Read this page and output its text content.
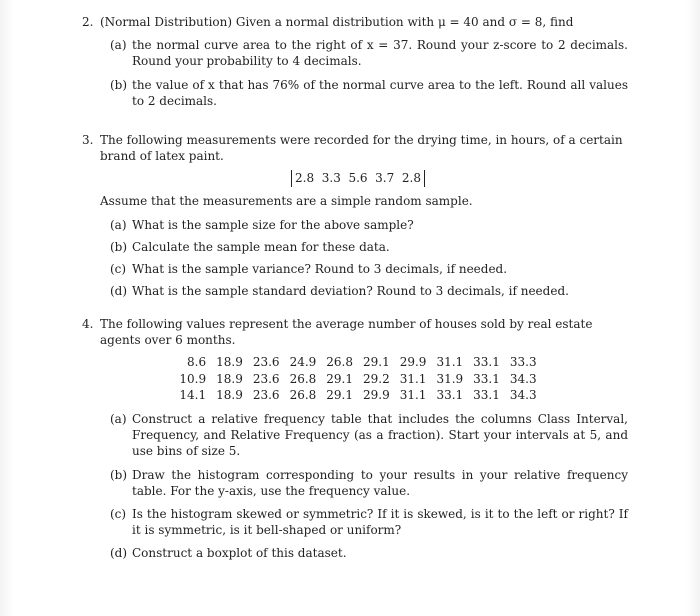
2. (Normal Distribution) Given a normal distribution with μ = 40 and σ = 8, find
(a) the normal curve area to the right of x = 37. Round your z-score to 2 decimals. Round your probability to 4 decimals.
(b) the value of x that has 76% of the normal curve area to the left. Round all values to 2 decimals.
3. The following measurements were recorded for the drying time, in hours, of a certain brand of latex paint.
2.8  3.3  5.6  3.7  2.8
Assume that the measurements are a simple random sample.
(a) What is the sample size for the above sample?
(b) Calculate the sample mean for these data.
(c) What is the sample variance? Round to 3 decimals, if needed.
(d) What is the sample standard deviation? Round to 3 decimals, if needed.
4. The following values represent the average number of houses sold by real estate agents over 6 months.
8.6	18.9	23.6	24.9	26.8	29.1	29.9	31.1	33.1	33.3
10.9	18.9	23.6	26.8	29.1	29.2	31.1	31.9	33.1	34.3
14.1	18.9	23.6	26.8	29.1	29.9	31.1	33.1	33.1	34.3
(a) Construct a relative frequency table that includes the columns Class Interval, Frequency, and Relative Frequency (as a fraction). Start your intervals at 5, and use bins of size 5.
(b) Draw the histogram corresponding to your results in your relative frequency table. For the y-axis, use the frequency value.
(c) Is the histogram skewed or symmetric? If it is skewed, is it to the left or right? If it is symmetric, is it bell-shaped or uniform?
(d) Construct a boxplot of this dataset.
